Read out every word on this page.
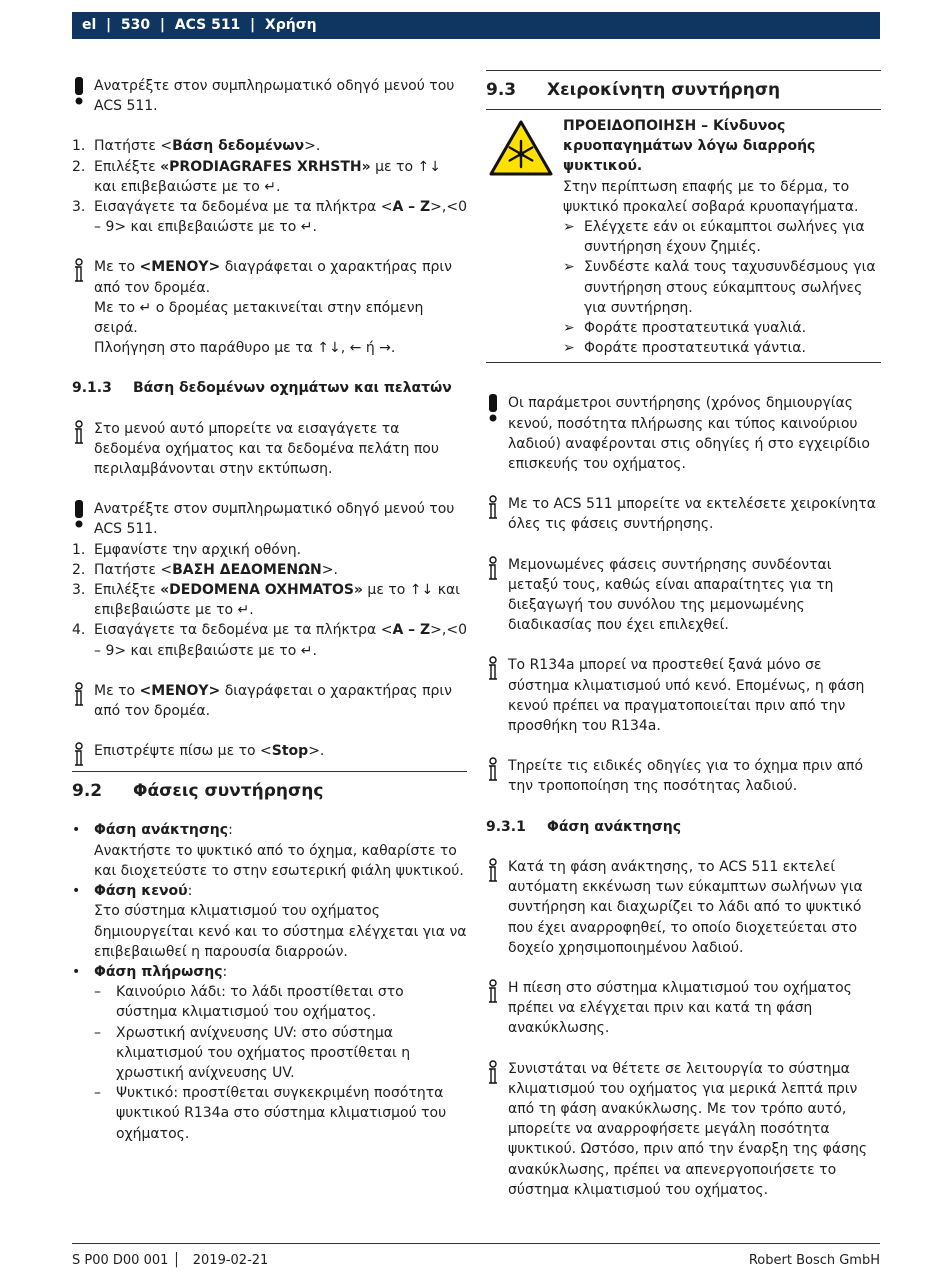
el  |  530  |  ACS 511  |  Χρήση

Ανατρέξτε στον συμπληρωματικό οδηγό μενού του ACS 511.

1. Πατήστε <Βάση δεδομένων>.
2. Επιλέξτε «PRODIAGRAFES XRHSTH» με το ↑↓ και επιβεβαιώστε με το ↵.
3. Εισαγάγετε τα δεδομένα με τα πλήκτρα <A – Z>,<0 – 9> και επιβεβαιώστε με το ↵.

Με το <ΜΕΝΟΥ> διαγράφεται ο χαρακτήρας πριν από τον δρομέα.

Με το ↵ ο δρομέας μετακινείται στην επόμενη σειρά.

Πλοήγηση στο παράθυρο με τα ↑↓, ← ή →.

9.1.3	Βάση δεδομένων οχημάτων και πελατών

Στο μενού αυτό μπορείτε να εισαγάγετε τα δεδομένα οχήματος και τα δεδομένα πελάτη που περιλαμβάνονται στην εκτύπωση.

Ανατρέξτε στον συμπληρωματικό οδηγό μενού του ACS 511.

1. Εμφανίστε την αρχική οθόνη.
2. Πατήστε <ΒΑΣΗ ΔΕΔΟΜΕΝΩΝ>.
3. Επιλέξτε «DEDOMENA OXHMATOS» με το ↑↓ και επιβεβαιώστε με το ↵.
4. Εισαγάγετε τα δεδομένα με τα πλήκτρα <A – Z>,<0 – 9> και επιβεβαιώστε με το ↵.

Με το <ΜΕΝΟΥ> διαγράφεται ο χαρακτήρας πριν από τον δρομέα.

Επιστρέψτε πίσω με το <Stop>.

9.2	Φάσεις συντήρησης
• Φάση ανάκτησης:
Ανακτήστε το ψυκτικό από το όχημα, καθαρίστε το και διοχετεύστε το στην εσωτερική φιάλη ψυκτικού.
• Φάση κενού:
Στο σύστημα κλιματισμού του οχήματος δημιουργείται κενό και το σύστημα ελέγχεται για να επιβεβαιωθεί η παρουσία διαρροών.
• Φάση πλήρωσης:
– Καινούριο λάδι: το λάδι προστίθεται στο σύστημα κλιματισμού του οχήματος.
– Χρωστική ανίχνευσης UV: στο σύστημα κλιματισμού του οχήματος προστίθεται η χρωστική ανίχνευσης UV.
– Ψυκτικό: προστίθεται συγκεκριμένη ποσότητα ψυκτικού R134a στο σύστημα κλιματισμού του οχήματος.
9.3	Χειροκίνητη συντήρηση

ΠΡΟΕΙΔΟΠΟΙΗΣΗ – Κίνδυνος κρυοπαγημάτων λόγω διαρροής ψυκτικού.

Στην περίπτωση επαφής με το δέρμα, το ψυκτικό προκαλεί σοβαρά κρυοπαγήματα.

➢ Ελέγχετε εάν οι εύκαμπτοι σωλήνες για συντήρηση έχουν ζημιές.
➢ Συνδέστε καλά τους ταχυσυνδέσμους για συντήρηση στους εύκαμπτους σωλήνες για συντήρηση.
➢ Φοράτε προστατευτικά γυαλιά.
➢ Φοράτε προστατευτικά γάντια.

Οι παράμετροι συντήρησης (χρόνος δημιουργίας κενού, ποσότητα πλήρωσης και τύπος καινούριου λαδιού) αναφέρονται στις οδηγίες ή στο εγχειρίδιο επισκευής του οχήματος.

Με το ACS 511 μπορείτε να εκτελέσετε χειροκίνητα όλες τις φάσεις συντήρησης.

Μεμονωμένες φάσεις συντήρησης συνδέονται μεταξύ τους, καθώς είναι απαραίτητες για τη διεξαγωγή του συνόλου της μεμονωμένης διαδικασίας που έχει επιλεχθεί.

Το R134a μπορεί να προστεθεί ξανά μόνο σε σύστημα κλιματισμού υπό κενό. Επομένως, η φάση κενού πρέπει να πραγματοποιείται πριν από την προσθήκη του R134a.

Τηρείτε τις ειδικές οδηγίες για το όχημα πριν από την τροποποίηση της ποσότητας λαδιού.

9.3.1	Φάση ανάκτησης

Κατά τη φάση ανάκτησης, το ACS 511 εκτελεί αυτόματη εκκένωση των εύκαμπτων σωλήνων για συντήρηση και διαχωρίζει το λάδι από το ψυκτικό που έχει αναρροφηθεί, το οποίο διοχετεύεται στο δοχείο χρησιμοποιημένου λαδιού.

Η πίεση στο σύστημα κλιματισμού του οχήματος πρέπει να ελέγχεται πριν και κατά τη φάση ανακύκλωσης.

Συνιστάται να θέτετε σε λειτουργία το σύστημα κλιματισμού του οχήματος για μερικά λεπτά πριν από τη φάση ανακύκλωσης. Με τον τρόπο αυτό, μπορείτε να αναρροφήσετε μεγάλη ποσότητα ψυκτικού. Ωστόσο, πριν από την έναρξη της φάσης ανακύκλωσης, πρέπει να απενεργοποιήσετε το σύστημα κλιματισμού του οχήματος.

S P00 D00 001 │   2019-02-21	Robert Bosch GmbH
